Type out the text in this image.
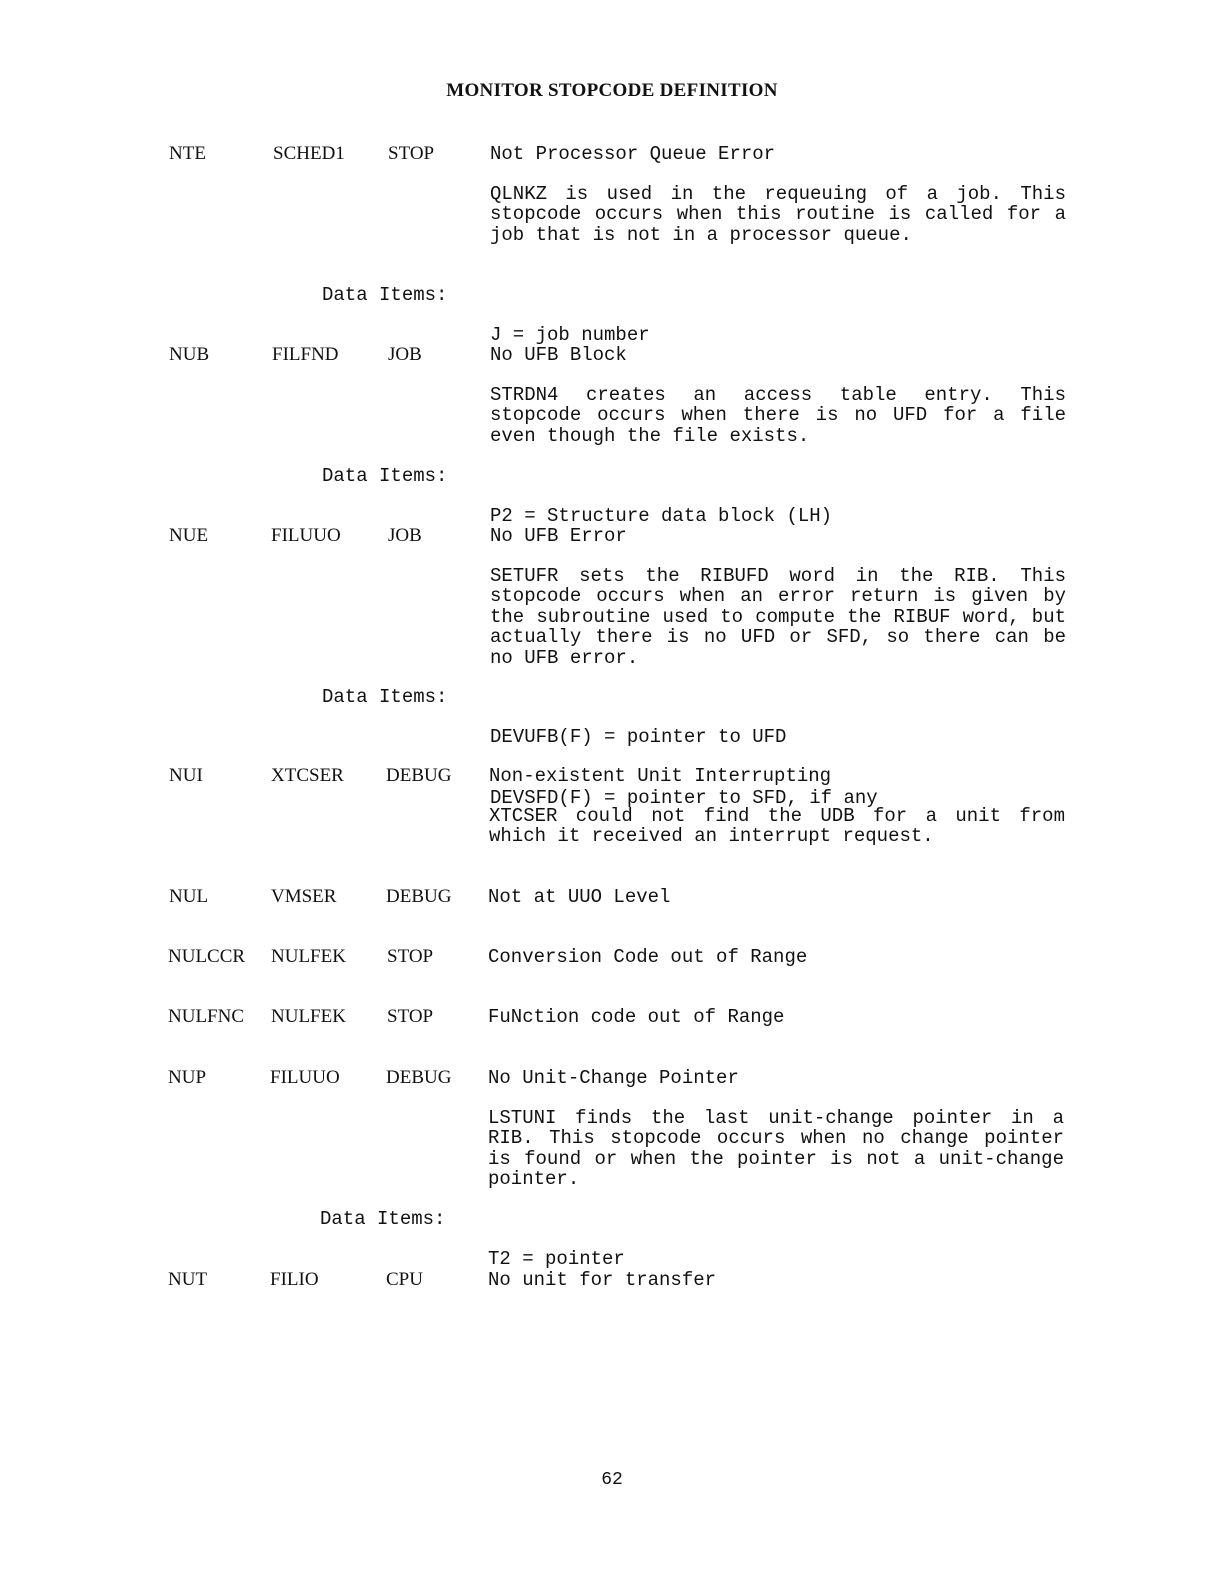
MONITOR STOPCODE DEFINITION
NTE	SCHED1 STOP	Not Processor Queue Error
QLNKZ is used in the requeuing of a job. This stopcode occurs when this routine is called for a job that is not in a processor queue.
Data Items:

J = job number

NUB	FILFND	JOB	No UFB Block
STRDN4 creates an access table entry. This stopcode occurs when there is no UFD for a file even though the file exists.
Data Items:

P2 = Structure data block (LH)

NUE	FILUUO JOB	No UFB Error
SETUFR sets the RIBUFD word in the RIB. This stopcode occurs when an error return is given by the subroutine used to compute the RIBUF word, but actually there is no UFD or SFD, so there can be no UFB error.
Data Items:

DEVUFB(F) = pointer to UFD

DEVSFD(F) = pointer to SFD, if any

NUI	XTCSER DEBUG Non-existent Unit Interrupting
XTCSER could not find the UDB for a unit from which it received an interrupt request.
NUL	VMSER	DEBUG Not at UUO Level
NULCCR NULFEK STOP	Conversion Code out of Range
NULFNC NULFEK STOP	FuNction code out of Range
NUP	FILUUO DEBUG No Unit-Change Pointer
LSTUNI finds the last unit-change pointer in a RIB. This stopcode occurs when no change pointer is found or when the pointer is not a unit-change pointer.
Data Items:

T2 = pointer

NUT	FILIO	CPU	No unit for transfer
62
